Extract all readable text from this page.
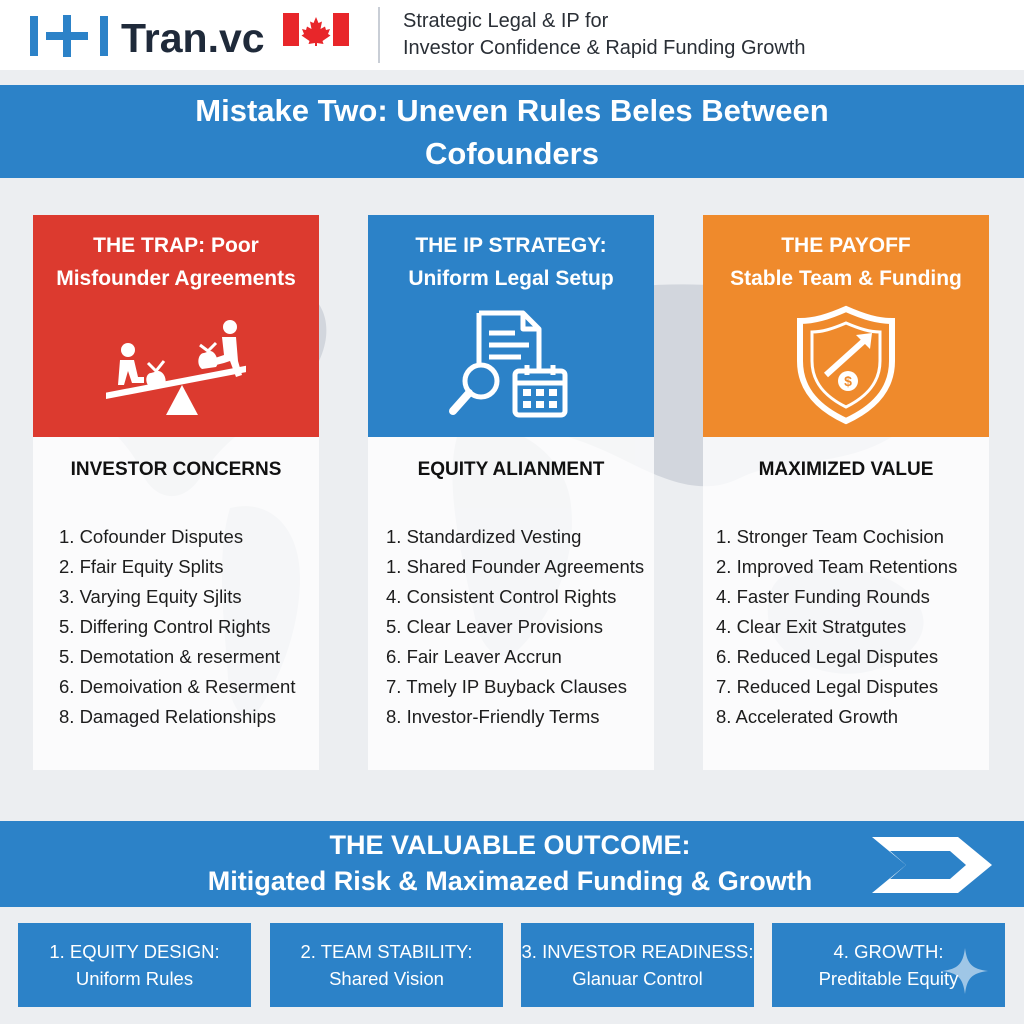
Tran.vc	Strategic Legal & IP for
Investor Confidence & Rapid Funding Growth
Mistake Two: Uneven Rules Beles Between
Cofounders
THE TRAP: Poor
Misfounder Agreements
INVESTOR CONCERNS
1. Cofounder Disputes
2. Ffair Equity Splits
3. Varying Equity Sjlits
5. Differing Control Rights
5. Demotation & reserment
6. Demoivation & Reserment
8. Damaged Relationships
THE IP STRATEGY:
Uniform Legal Setup
EQUITY ALIANMENT
1. Standardized Vesting
1. Shared Founder Agreements
4. Consistent Control Rights
5. Clear Leaver Provisions
6. Fair Leaver Accrun
7. Tmely IP Buyback Clauses
8. Investor-Friendly Terms
THE PAYOFF
Stable Team & Funding
$
MAXIMIZED VALUE
1. Stronger Team Cochision
2. Improved Team Retentions
4. Faster Funding Rounds
4. Clear Exit Stratgutes
6. Reduced Legal Disputes
7. Reduced Legal Disputes
8. Accelerated Growth
THE VALUABLE OUTCOME:
Mitigated Risk & Maximazed Funding & Growth
1. EQUITY DESIGN:
Uniform Rules
2. TEAM STABILITY:
Shared Vision
3. INVESTOR READINESS:
Glanuar Control
4. GROWTH:
Preditable Equity
